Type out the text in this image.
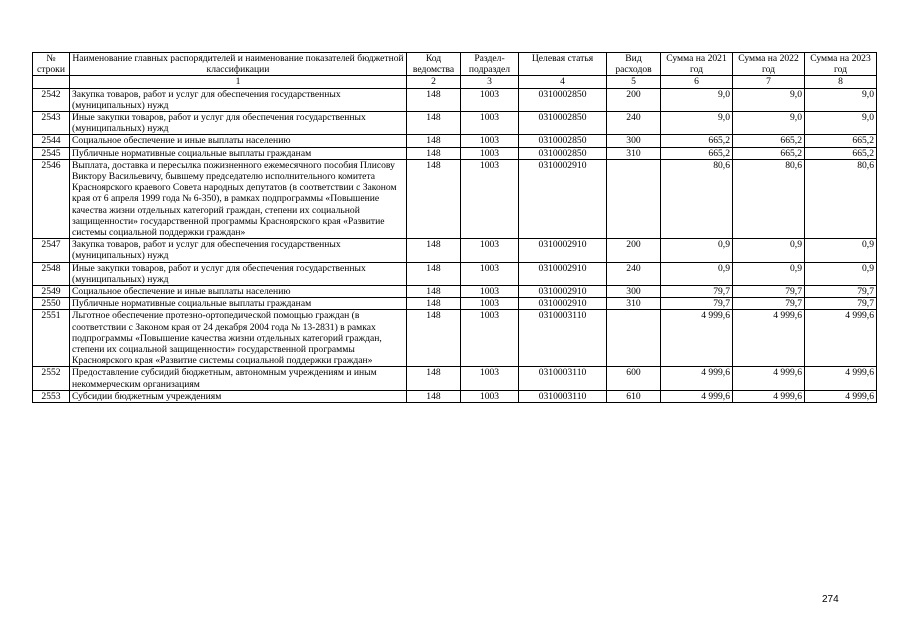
№ строки	Наименование главных распорядителей и наименование показателей бюджетной классификации	Код ведомства	Раздел-подраздел	Целевая статья	Вид расходов	Сумма на 2021 год	Сумма на 2022 год	Сумма на 2023 год
	1	2	3	4	5	6	7	8
2542	Закупка товаров, работ и услуг для обеспечения государственных (муниципальных) нужд	148	1003	0310002850	200	9,0	9,0	9,0
2543	Иные закупки товаров, работ и услуг для обеспечения государственных (муниципальных) нужд	148	1003	0310002850	240	9,0	9,0	9,0
2544	Социальное обеспечение и иные выплаты населению	148	1003	0310002850	300	665,2	665,2	665,2
2545	Публичные нормативные социальные выплаты гражданам	148	1003	0310002850	310	665,2	665,2	665,2
2546	Выплата, доставка и пересылка пожизненного ежемесячного пособия Плисову Виктору Васильевичу, бывшему председателю исполнительного комитета Красноярского краевого Совета народных депутатов (в соответствии с Законом края от 6 апреля 1999 года № 6-350), в рамках подпрограммы «Повышение качества жизни отдельных категорий граждан, степени их социальной защищенности» государственной программы Красноярского края «Развитие системы социальной поддержки граждан»	148	1003	0310002910		80,6	80,6	80,6
2547	Закупка товаров, работ и услуг для обеспечения государственных (муниципальных) нужд	148	1003	0310002910	200	0,9	0,9	0,9
2548	Иные закупки товаров, работ и услуг для обеспечения государственных (муниципальных) нужд	148	1003	0310002910	240	0,9	0,9	0,9
2549	Социальное обеспечение и иные выплаты населению	148	1003	0310002910	300	79,7	79,7	79,7
2550	Публичные нормативные социальные выплаты гражданам	148	1003	0310002910	310	79,7	79,7	79,7
2551	Льготное обеспечение протезно-ортопедической помощью граждан (в соответствии с Законом края от 24 декабря 2004 года № 13-2831) в рамках подпрограммы «Повышение качества жизни отдельных категорий граждан, степени их социальной защищенности» государственной программы Красноярского края «Развитие системы социальной поддержки граждан»	148	1003	0310003110		4 999,6	4 999,6	4 999,6
2552	Предоставление субсидий бюджетным, автономным учреждениям и иным некоммерческим организациям	148	1003	0310003110	600	4 999,6	4 999,6	4 999,6
2553	Субсидии бюджетным учреждениям	148	1003	0310003110	610	4 999,6	4 999,6	4 999,6
274
